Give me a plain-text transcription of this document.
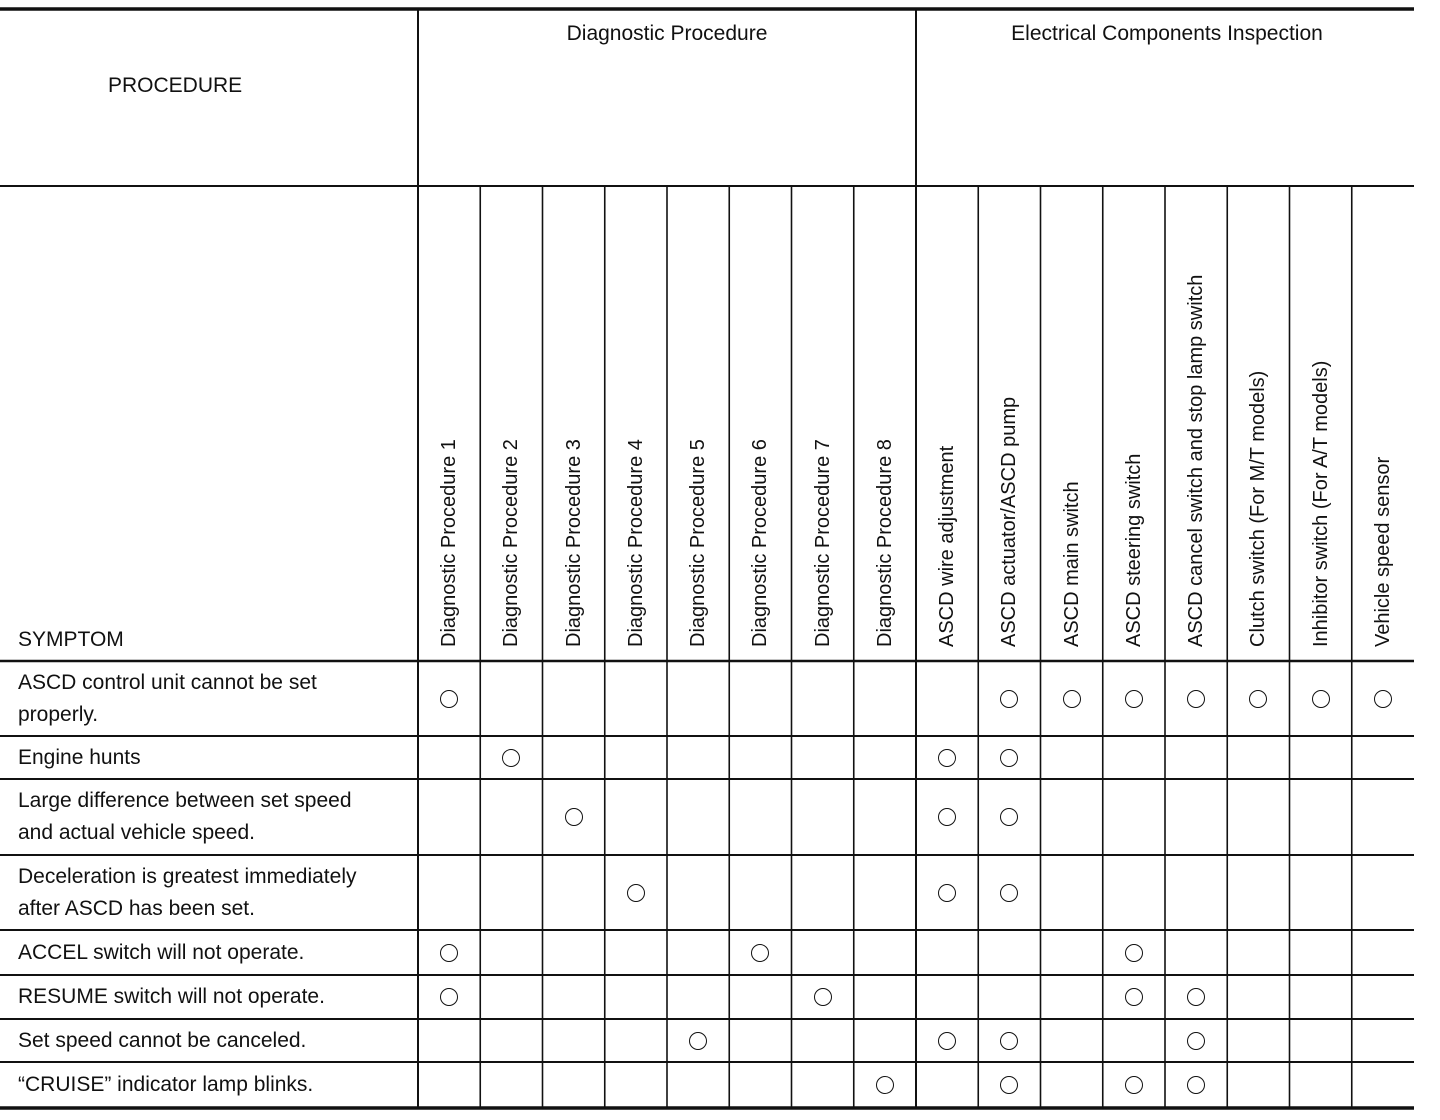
PROCEDURE
SYMPTOM
Diagnostic Procedure	Electrical Components Inspection
Diagnostic Procedure 1 Diagnostic Procedure 2 Diagnostic Procedure 3 Diagnostic Procedure 4 Diagnostic Procedure 5 Diagnostic Procedure 6 Diagnostic Procedure 7 Diagnostic Procedure 8 ASCD wire adjustment ASCD actuator/ASCD pump ASCD main switch ASCD steering switch ASCD cancel switch and stop lamp switch Clutch switch (For M/T models) Inhibitor switch (For A/T models) Vehicle speed sensor
ASCD control unit cannot be set
properly.
Engine hunts
Large difference between set speed
and actual vehicle speed.
Deceleration is greatest immediately
after ASCD has been set.
ACCEL switch will not operate.
RESUME switch will not operate.
Set speed cannot be canceled.
“CRUISE” indicator lamp blinks.
